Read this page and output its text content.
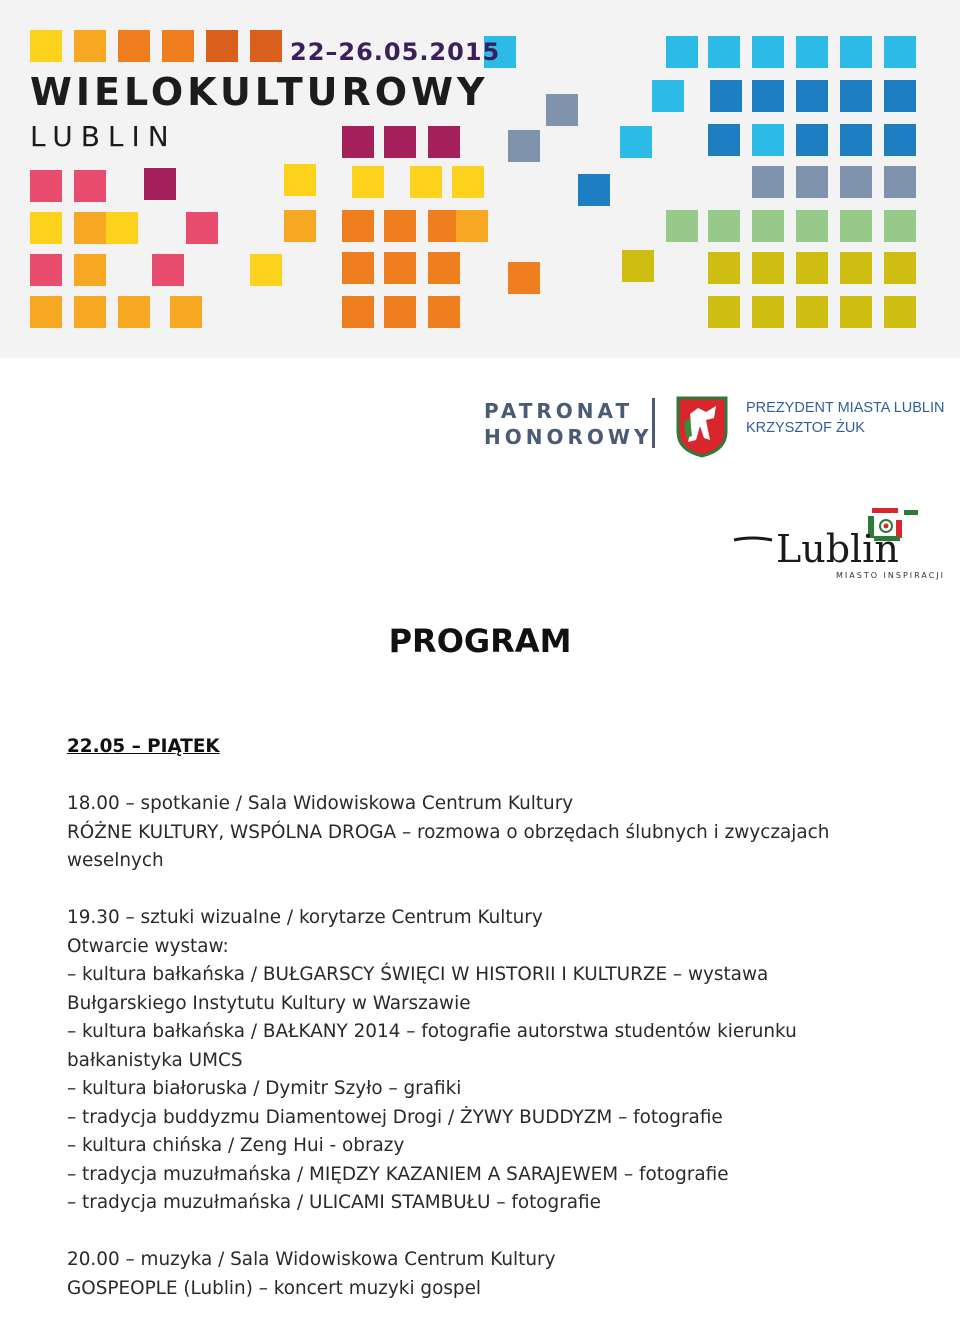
22–26.05.2015
WIELOKULTUROWY
LUBLIN
PATRONAT
HONOROWY
PREZYDENT MIASTA LUBLIN
KRZYSZTOF ŻUK
Lublin
MIASTO INSPIRACJI
PROGRAM
22.05 – PIĄTEK

18.00 – spotkanie / Sala Widowiskowa Centrum Kultury

RÓŻNE KULTURY, WSPÓLNA DROGA – rozmowa o obrzędach ślubnych i zwyczajach

weselnych

19.30 – sztuki wizualne / korytarze Centrum Kultury

Otwarcie wystaw:

– kultura bałkańska / BUŁGARSCY ŚWIĘCI W HISTORII I KULTURZE – wystawa

Bułgarskiego Instytutu Kultury w Warszawie

– kultura bałkańska / BAŁKANY 2014 – fotografie autorstwa studentów kierunku

bałkanistyka UMCS

– kultura białoruska / Dymitr Szyło – grafiki

– tradycja buddyzmu Diamentowej Drogi / ŻYWY BUDDYZM – fotografie

– kultura chińska / Zeng Hui - obrazy

– tradycja muzułmańska / MIĘDZY KAZANIEM A SARAJEWEM – fotografie

– tradycja muzułmańska / ULICAMI STAMBUŁU – fotografie

20.00 – muzyka / Sala Widowiskowa Centrum Kultury

GOSPEOPLE (Lublin) – koncert muzyki gospel
